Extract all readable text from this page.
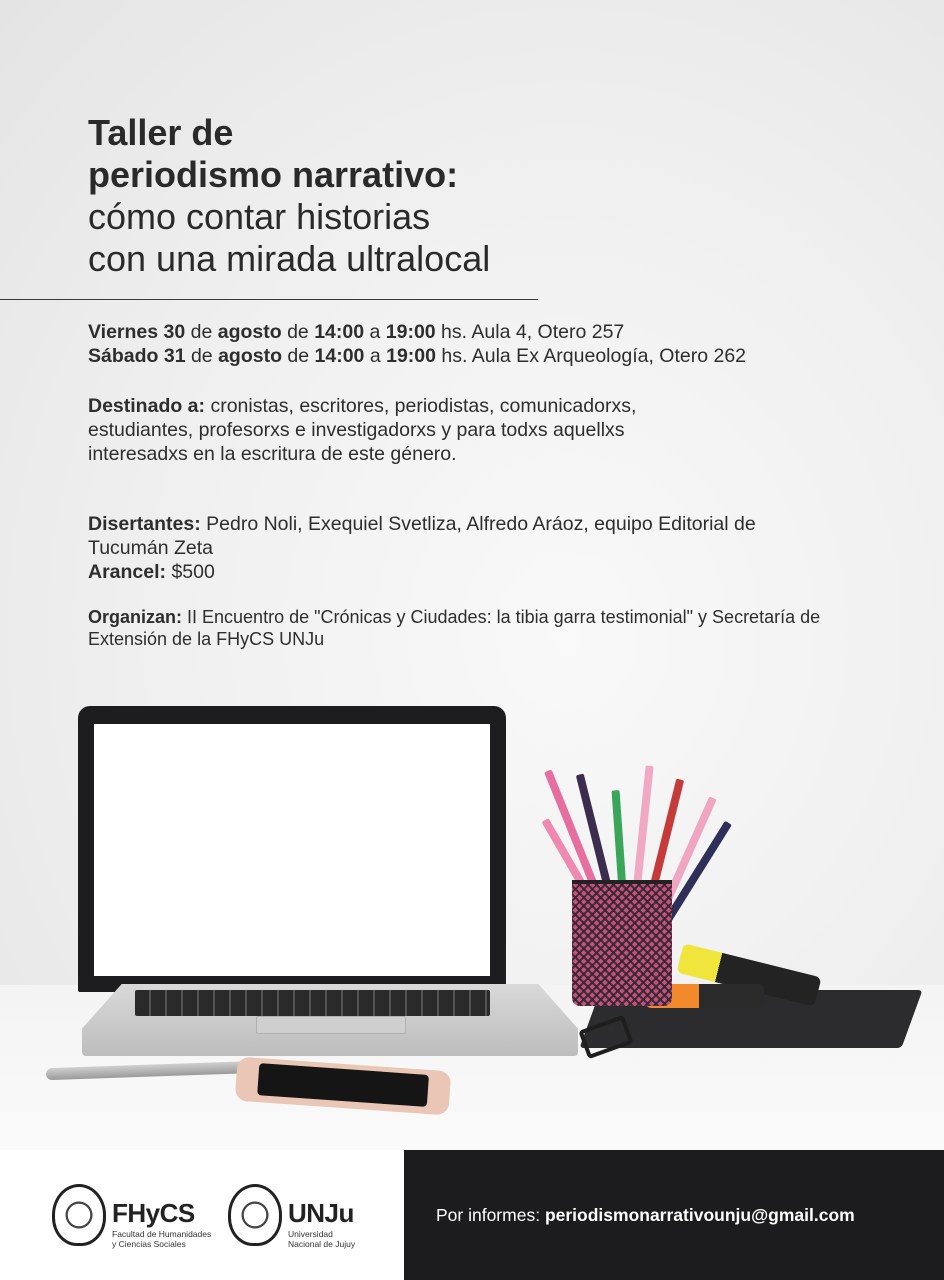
Taller de
periodismo narrativo:
cómo contar historias
con una mirada ultralocal
Viernes 30 de agosto de 14:00 a 19:00 hs. Aula 4, Otero 257
Sábado 31 de agosto de 14:00 a 19:00 hs. Aula Ex Arqueología, Otero 262
Destinado a: cronistas, escritores, periodistas, comunicadorxs, estudiantes, profesorxs e investigadorxs y para todxs aquellxs interesadxs en la escritura de este género.
Disertantes: Pedro Noli, Exequiel Svetliza, Alfredo Aráoz, equipo Editorial de Tucumán Zeta
Arancel: $500
Organizan: II Encuentro de "Crónicas y Ciudades: la tibia garra testimonial" y Secretaría de Extensión de la FHyCS UNJu
FHyCS
Facultad de Humanidades
y Ciencias Sociales
UNJu
Universidad
Nacional de Jujuy
Por informes: periodismonarrativounju@gmail.com
